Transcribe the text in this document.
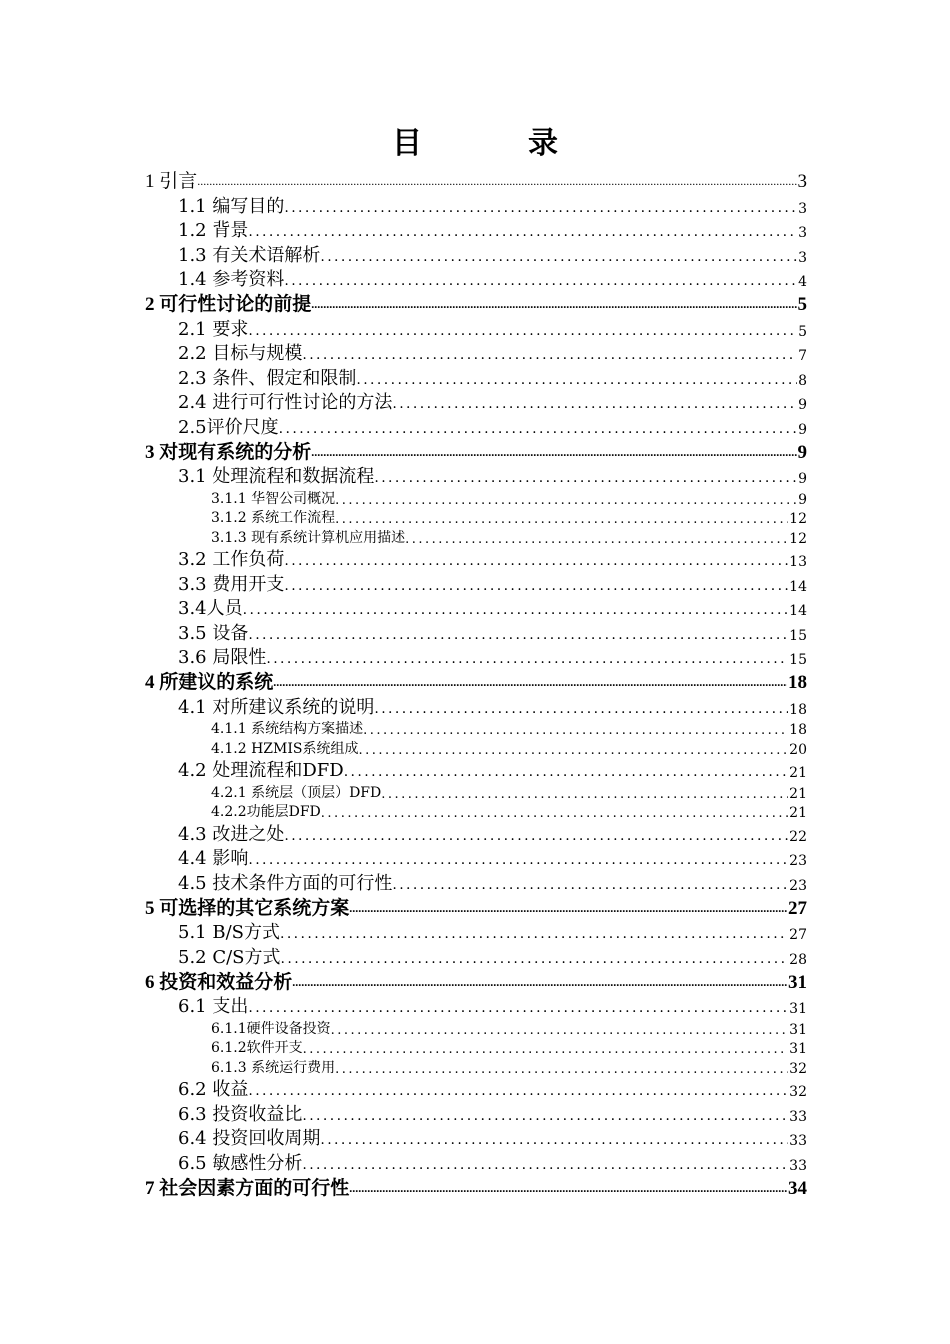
目　录
1 引言 .....	3
1.1 编写目的 .....	3
1.2 背景 .....	3
1.3 有关术语解析 .....	3
1.4 参考资料 .....	4
2 可行性讨论的前提 .....	5
2.1 要求 .....	5
2.2 目标与规模 .....	7
2.3 条件、假定和限制 .....	8
2.4 进行可行性讨论的方法 .....	9
2.5评价尺度 .....	9
3 对现有系统的分析 .....	9
3.1 处理流程和数据流程 .....	9
3.1.1 华智公司概况 .....	9
3.1.2 系统工作流程 .....	12
3.1.3 现有系统计算机应用描述 .....	12
3.2 工作负荷 .....	13
3.3 费用开支 .....	14
3.4人员 .....	14
3.5 设备 .....	15
3.6 局限性 .....	15
4 所建议的系统 .....	18
4.1 对所建议系统的说明 .....	18
4.1.1 系统结构方案描述 .....	18
4.1.2 HZMIS系统组成 .....	20
4.2 处理流程和DFD .....	21
4.2.1 系统层（顶层）DFD .....	21
4.2.2功能层DFD .....	21
4.3 改进之处 .....	22
4.4 影响 .....	23
4.5 技术条件方面的可行性 .....	23
5 可选择的其它系统方案 .....	27
5.1 B/S方式 .....	27
5.2 C/S方式 .....	28
6 投资和效益分析 .....	31
6.1 支出 .....	31
6.1.1硬件设备投资 .....	31
6.1.2软件开支 .....	31
6.1.3 系统运行费用 .....	32
6.2 收益 .....	32
6.3 投资收益比 .....	33
6.4 投资回收周期 .....	33
6.5 敏感性分析 .....	33
7 社会因素方面的可行性 .....	34
